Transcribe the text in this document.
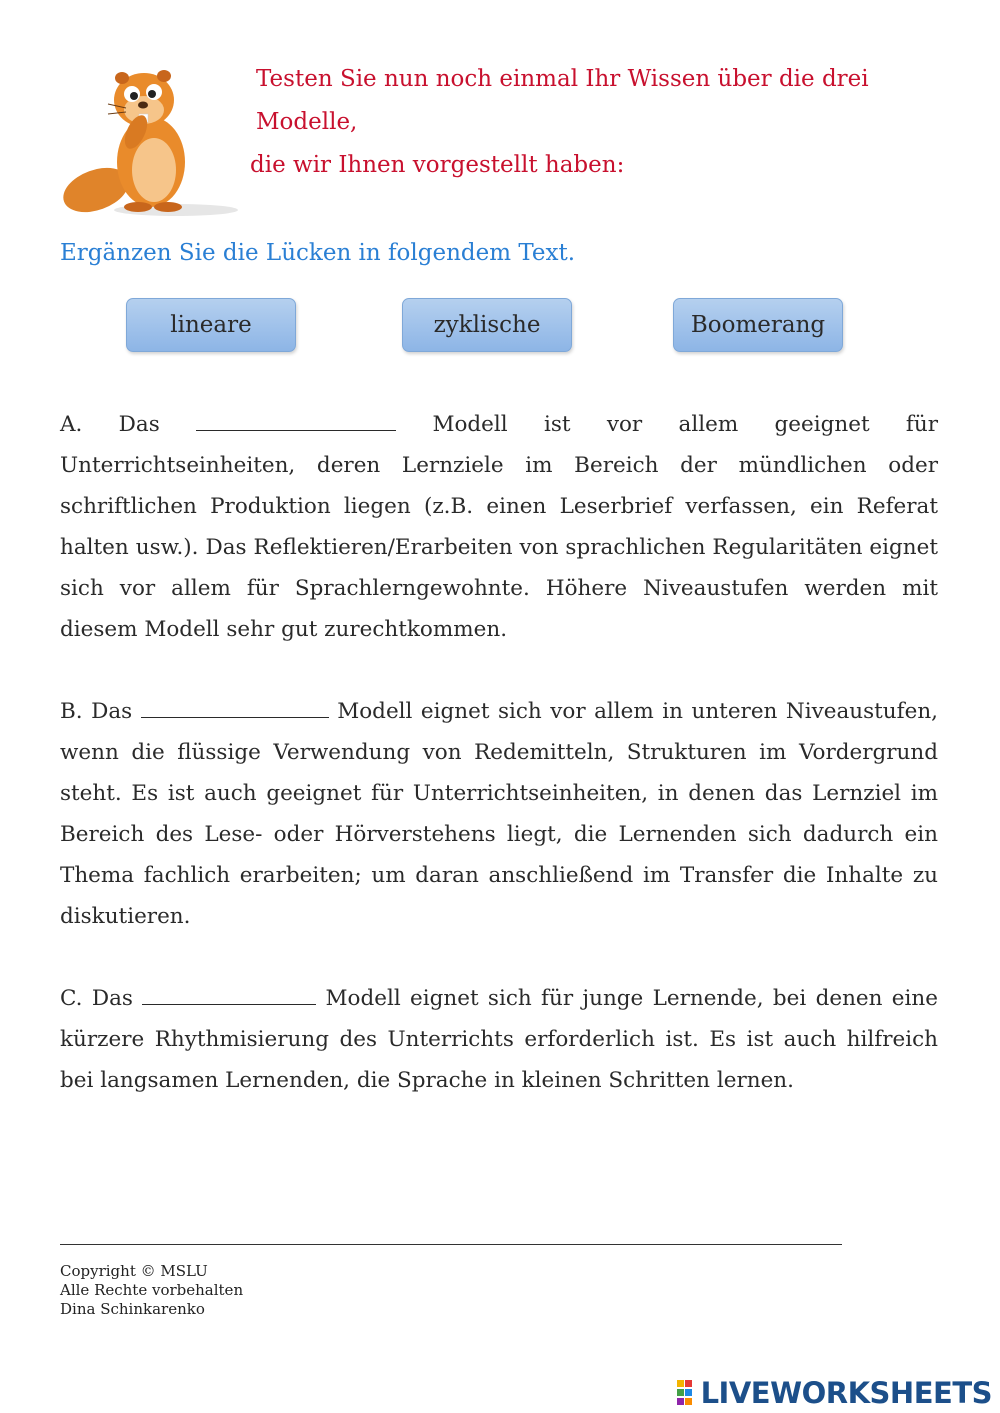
Testen Sie nun noch einmal Ihr Wissen über die drei Modelle,
die wir Ihnen vorgestellt haben:
Ergänzen Sie die Lücken in folgendem Text.
lineare	zyklische	Boomerang

A. Das	Modell ist vor allem geeignet für Unterrichtseinheiten, deren Lernziele im Bereich der mündlichen oder schriftlichen Produktion liegen (z.B. einen Leserbrief verfassen, ein Referat halten usw.). Das Reflektieren/Erarbeiten von sprachlichen Regularitäten eignet sich vor allem für Sprachlerngewohnte. Höhere Niveaustufen werden mit diesem Modell sehr gut zurechtkommen.

B. Das	Modell eignet sich vor allem in unteren Niveaustufen, wenn die flüssige Verwendung von Redemitteln, Strukturen im Vordergrund steht. Es ist auch geeignet für Unterrichtseinheiten, in denen das Lernziel im Bereich des Lese- oder Hörverstehens liegt, die Lernenden sich dadurch ein Thema fachlich erarbeiten; um daran anschließend im Transfer die Inhalte zu diskutieren.

C. Das	Modell eignet sich für junge Lernende, bei denen eine kürzere Rhythmisierung des Unterrichts erforderlich ist. Es ist auch hilfreich bei langsamen Lernenden, die Sprache in kleinen Schritten lernen.

Copyright © MSLU
Alle Rechte vorbehalten
Dina Schinkarenko
LIVEWORKSHEETS
